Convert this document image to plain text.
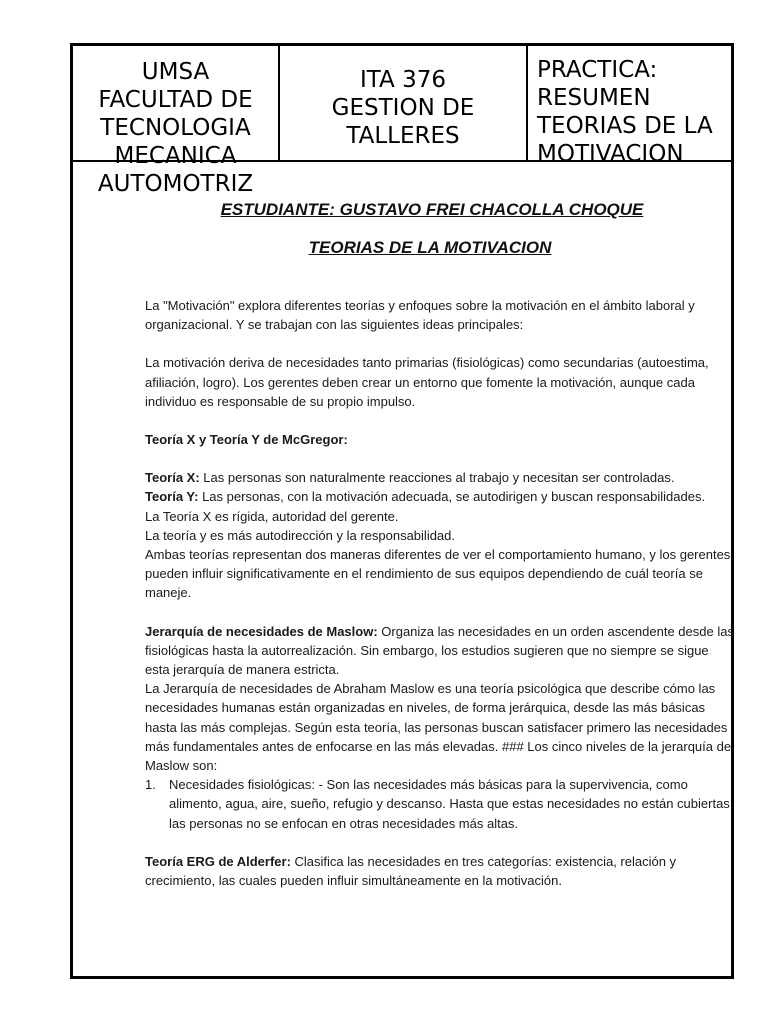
UMSA
FACULTAD DE
TECNOLOGIA
MECANICA
AUTOMOTRIZ
ITA 376
GESTION DE
TALLERES
PRACTICA:
RESUMEN
TEORIAS DE LA
MOTIVACION

ESTUDIANTE: GUSTAVO FREI CHACOLLA CHOQUE

TEORIAS DE LA MOTIVACION

La "Motivación" explora diferentes teorías y enfoques sobre la motivación en el ámbito laboral y organizacional. Y se trabajan con las siguientes ideas principales:

La motivación deriva de necesidades tanto primarias (fisiológicas) como secundarias (autoestima, afiliación, logro). Los gerentes deben crear un entorno que fomente la motivación, aunque cada individuo es responsable de su propio impulso.

Teoría X y Teoría Y de McGregor:

Teoría X: Las personas son naturalmente reacciones al trabajo y necesitan ser controladas.

Teoría Y: Las personas, con la motivación adecuada, se autodirigen y buscan responsabilidades.

La Teoría X es rígida, autoridad del gerente.

La teoría y es más autodirección y la responsabilidad.

Ambas teorías representan dos maneras diferentes de ver el comportamiento humano, y los gerentes pueden influir significativamente en el rendimiento de sus equipos dependiendo de cuál teoría se maneje.

Jerarquía de necesidades de Maslow: Organiza las necesidades en un orden ascendente desde las fisiológicas hasta la autorrealización. Sin embargo, los estudios sugieren que no siempre se sigue esta jerarquía de manera estricta.

La Jerarquía de necesidades de Abraham Maslow es una teoría psicológica que describe cómo las necesidades humanas están organizadas en niveles, de forma jerárquica, desde las más básicas hasta las más complejas. Según esta teoría, las personas buscan satisfacer primero las necesidades más fundamentales antes de enfocarse en las más elevadas. ### Los cinco niveles de la jerarquía de Maslow son:

1.	Necesidades fisiológicas: - Son las necesidades más básicas para la supervivencia, como alimento, agua, aire, sueño, refugio y descanso. Hasta que estas necesidades no están cubiertas, las personas no se enfocan en otras necesidades más altas.

Teoría ERG de Alderfer: Clasifica las necesidades en tres categorías: existencia, relación y crecimiento, las cuales pueden influir simultáneamente en la motivación.
